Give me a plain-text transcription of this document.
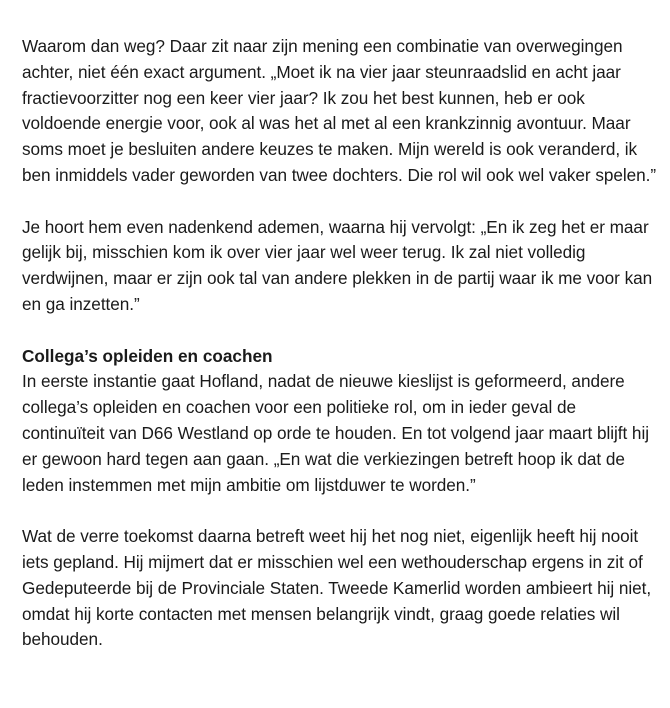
Waarom dan weg? Daar zit naar zijn mening een combinatie van overwegingen achter, niet één exact argument. „Moet ik na vier jaar steunraadslid en acht jaar fractievoorzitter nog een keer vier jaar? Ik zou het best kunnen, heb er ook voldoende energie voor, ook al was het al met al een krankzinnig avontuur. Maar soms moet je besluiten andere keuzes te maken. Mijn wereld is ook veranderd, ik ben inmiddels vader geworden van twee dochters. Die rol wil ook wel vaker spelen.”

Je hoort hem even nadenkend ademen, waarna hij vervolgt: „En ik zeg het er maar gelijk bij, misschien kom ik over vier jaar wel weer terug. Ik zal niet volledig verdwijnen, maar er zijn ook tal van andere plekken in de partij waar ik me voor kan en ga inzetten.”

Collega’s opleiden en coachen

In eerste instantie gaat Hofland, nadat de nieuwe kieslijst is geformeerd, andere collega’s opleiden en coachen voor een politieke rol, om in ieder geval de continuïteit van D66 Westland op orde te houden. En tot volgend jaar maart blijft hij er gewoon hard tegen aan gaan. „En wat die verkiezingen betreft hoop ik dat de leden instemmen met mijn ambitie om lijstduwer te worden.”

Wat de verre toekomst daarna betreft weet hij het nog niet, eigenlijk heeft hij nooit iets gepland. Hij mijmert dat er misschien wel een wethouderschap ergens in zit of Gedeputeerde bij de Provinciale Staten. Tweede Kamerlid worden ambieert hij niet, omdat hij korte contacten met mensen belangrijk vindt, graag goede relaties wil behouden.
